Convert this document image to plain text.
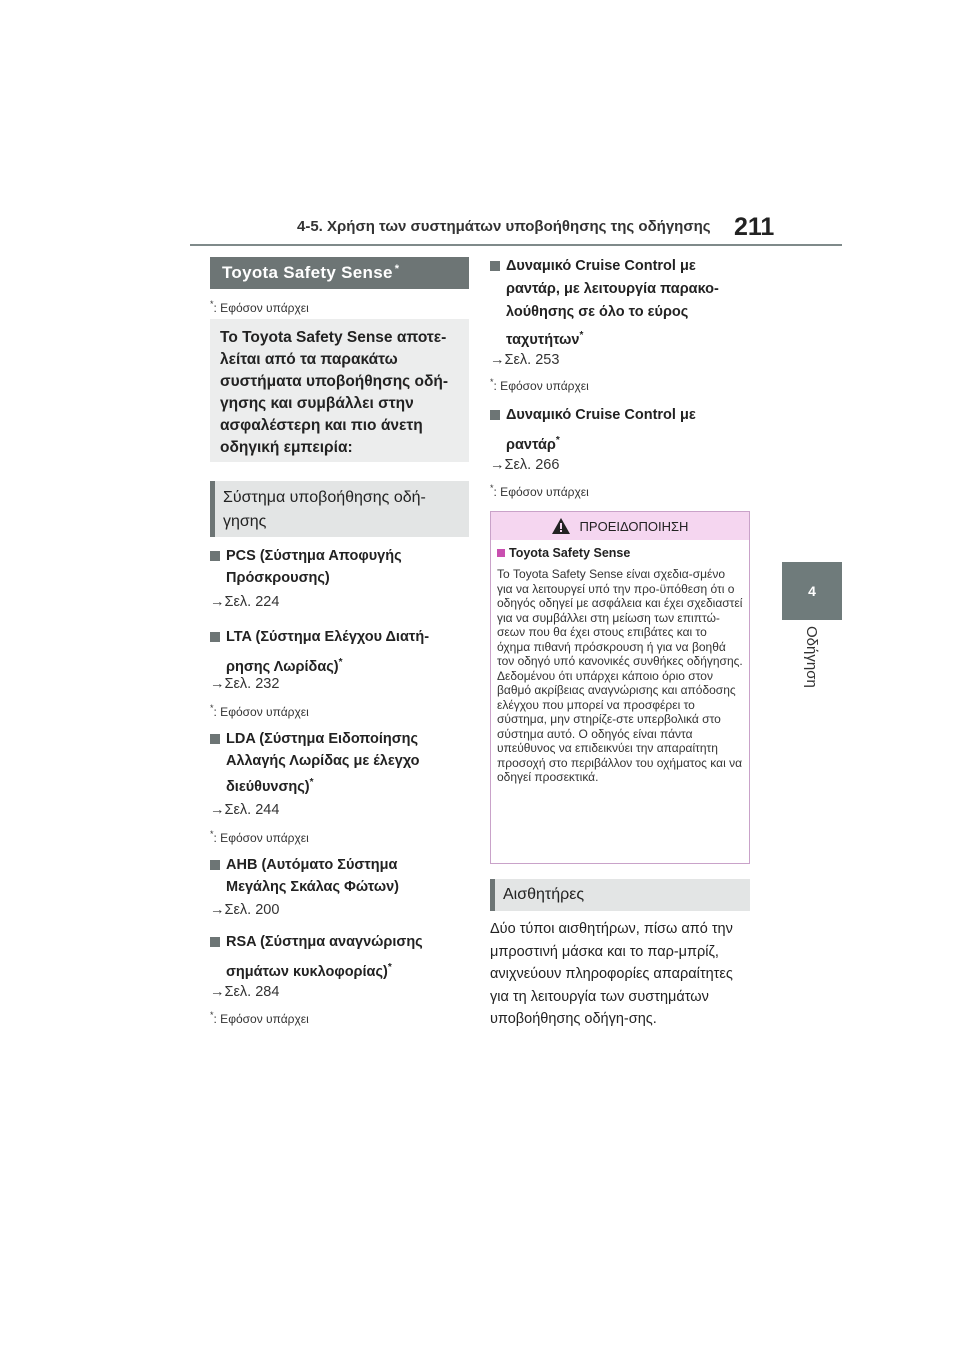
4-5. Χρήση των συστημάτων υποβοήθησης της οδήγησης 211
4
Οδήγηση
Toyota Safety Sense*
*: Εφόσον υπάρχει
Το Toyota Safety Sense αποτε-λείται από τα παρακάτω συστήματα υποβοήθησης οδή-γησης και συμβάλλει στην ασφαλέστερη και πιο άνετη οδηγική εμπειρία:
Σύστημα υποβοήθησης οδή-γησης
PCS (Σύστημα Αποφυγής Πρόσκρουσης)
→Σελ. 224
LTA (Σύστημα Ελέγχου Διατή-ρησης Λωρίδας)*
→Σελ. 232
*: Εφόσον υπάρχει
LDA (Σύστημα Ειδοποίησης Αλλαγής Λωρίδας με έλεγχο διεύθυνσης)*
→Σελ. 244
*: Εφόσον υπάρχει
AHB (Αυτόματο Σύστημα Μεγάλης Σκάλας Φώτων)
→Σελ. 200
RSA (Σύστημα αναγνώρισης σημάτων κυκλοφορίας)*
→Σελ. 284
*: Εφόσον υπάρχει
Δυναμικό Cruise Control με ραντάρ, με λειτουργία παρακο-λούθησης σε όλο το εύρος ταχυτήτων*
→Σελ. 253
*: Εφόσον υπάρχει
Δυναμικό Cruise Control με ραντάρ*
→Σελ. 266
*: Εφόσον υπάρχει
ΠΡΟΕΙΔΟΠΟΙΗΣΗ
Toyota Safety Sense
Το Toyota Safety Sense είναι σχεδια-σμένο για να λειτουργεί υπό την προ-ϋπόθεση ότι ο οδηγός οδηγεί με ασφάλεια και έχει σχεδιαστεί για να συμβάλλει στη μείωση των επιπτώ-σεων που θα έχει στους επιβάτες και το όχημα πιθανή πρόσκρουση ή για να βοηθά τον οδηγό υπό κανονικές συνθήκες οδήγησης. Δεδομένου ότι υπάρχει κάποιο όριο στον βαθμό ακρίβειας αναγνώρισης και απόδοσης ελέγχου που μπορεί να προσφέρει το σύστημα, μην στηρίζε-στε υπερβολικά στο σύστημα αυτό. Ο οδηγός είναι πάντα υπεύθυνος να επιδεικνύει την απαραίτητη προσοχή στο περιβάλλον του οχήματος και να οδηγεί προσεκτικά.
Αισθητήρες
Δύο τύποι αισθητήρων, πίσω από την μπροστινή μάσκα και το παρ-μπρίζ, ανιχνεύουν πληροφορίες απαραίτητες για τη λειτουργία των συστημάτων υποβοήθησης οδήγη-σης.
